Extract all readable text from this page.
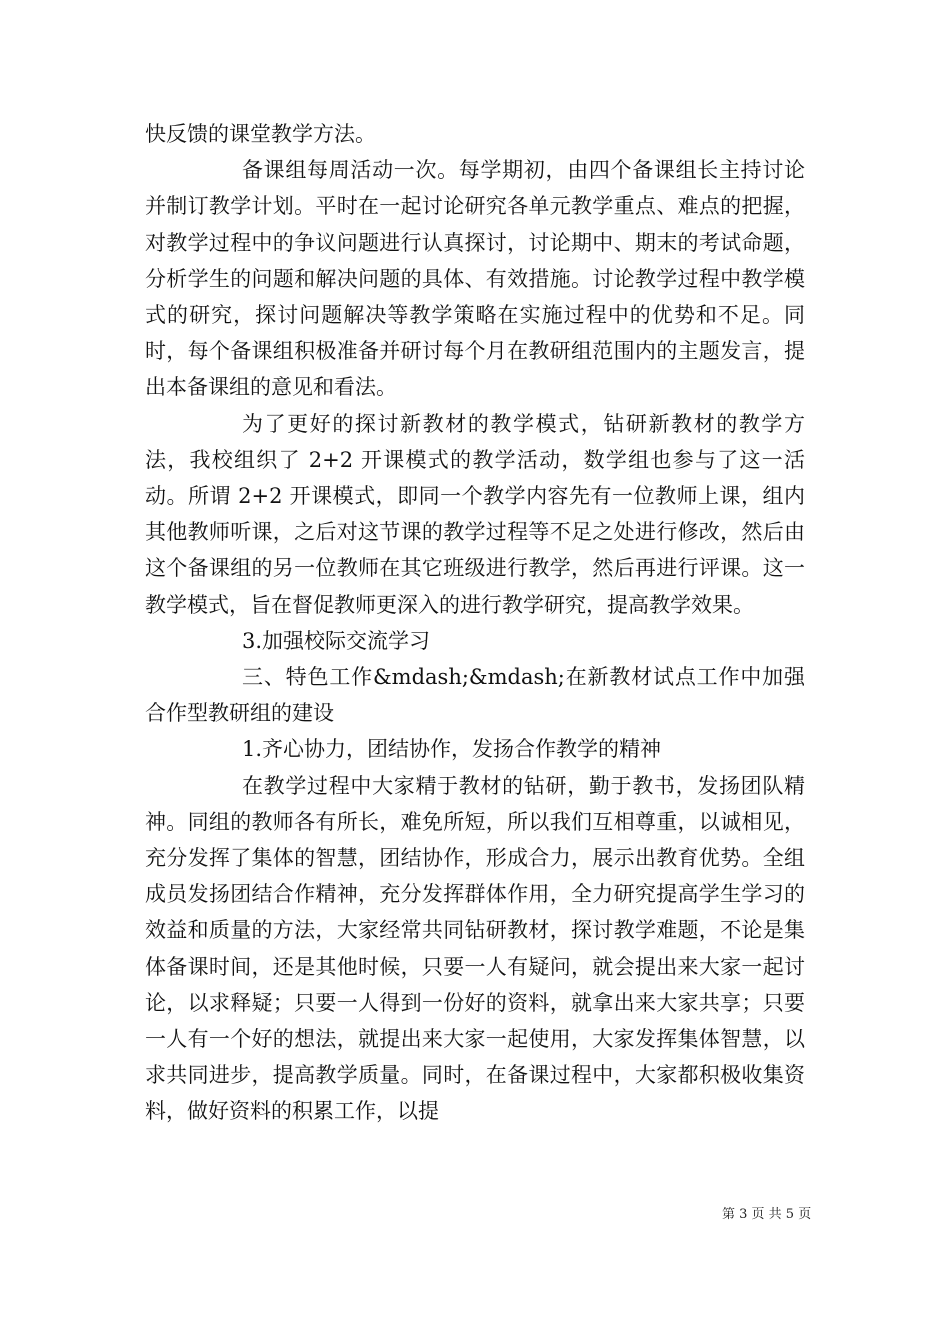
快反馈的课堂教学方法。

备课组每周活动一次。每学期初，由四个备课组长主持讨论并制订教学计划。平时在一起讨论研究各单元教学重点、难点的把握，对教学过程中的争议问题进行认真探讨，讨论期中、期末的考试命题，分析学生的问题和解决问题的具体、有效措施。讨论教学过程中教学模式的研究，探讨问题解决等教学策略在实施过程中的优势和不足。同时，每个备课组积极准备并研讨每个月在教研组范围内的主题发言，提出本备课组的意见和看法。

为了更好的探讨新教材的教学模式，钻研新教材的教学方法，我校组织了 2+2 开课模式的教学活动，数学组也参与了这一活动。所谓 2+2 开课模式，即同一个教学内容先有一位教师上课，组内其他教师听课，之后对这节课的教学过程等不足之处进行修改，然后由这个备课组的另一位教师在其它班级进行教学，然后再进行评课。这一教学模式，旨在督促教师更深入的进行教学研究，提高教学效果。

3.加强校际交流学习

三、特色工作&mdash;&mdash;在新教材试点工作中加强合作型教研组的建设

1.齐心协力，团结协作，发扬合作教学的精神

在教学过程中大家精于教材的钻研，勤于教书，发扬团队精神。同组的教师各有所长，难免所短，所以我们互相尊重，以诚相见，充分发挥了集体的智慧，团结协作，形成合力，展示出教育优势。全组成员发扬团结合作精神，充分发挥群体作用，全力研究提高学生学习的效益和质量的方法，大家经常共同钻研教材，探讨教学难题，不论是集体备课时间，还是其他时候，只要一人有疑问，就会提出来大家一起讨论，以求释疑；只要一人得到一份好的资料，就拿出来大家共享；只要一人有一个好的想法，就提出来大家一起使用，大家发挥集体智慧，以求共同进步，提高教学质量。同时，在备课过程中，大家都积极收集资料，做好资料的积累工作，以提

第 3 页 共 5 页
